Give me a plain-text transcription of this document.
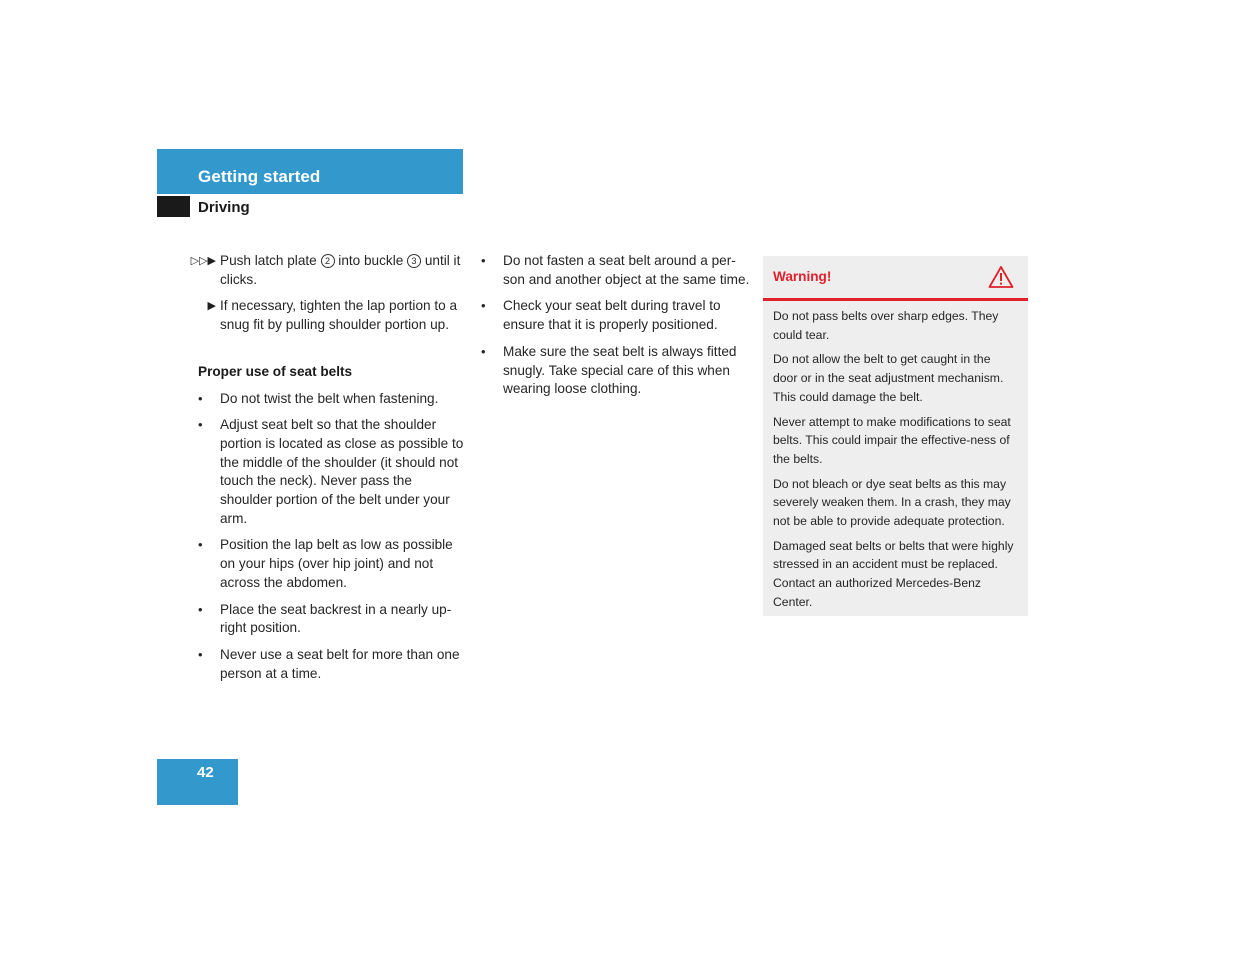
Getting started
Driving
▷▷▶ Push latch plate 2 into buckle 3 until it clicks.
▶ If necessary, tighten the lap portion to a snug fit by pulling shoulder portion up.
Proper use of seat belts
• Do not twist the belt when fastening.
• Adjust seat belt so that the shoulder portion is located as close as possible to the middle of the shoulder (it should not touch the neck). Never pass the shoulder portion of the belt under your arm.
• Position the lap belt as low as possible on your hips (over hip joint) and not across the abdomen.
• Place the seat backrest in a nearly up-right position.
• Never use a seat belt for more than one person at a time.
• Do not fasten a seat belt around a per-son and another object at the same time.
• Check your seat belt during travel to ensure that it is properly positioned.
• Make sure the seat belt is always fitted snugly. Take special care of this when wearing loose clothing.
Warning!

Do not pass belts over sharp edges. They could tear.

Do not allow the belt to get caught in the door or in the seat adjustment mechanism. This could damage the belt.

Never attempt to make modifications to seat belts. This could impair the effective-ness of the belts.

Do not bleach or dye seat belts as this may severely weaken them. In a crash, they may not be able to provide adequate protection.

Damaged seat belts or belts that were highly stressed in an accident must be replaced. Contact an authorized Mercedes-Benz Center.

42
